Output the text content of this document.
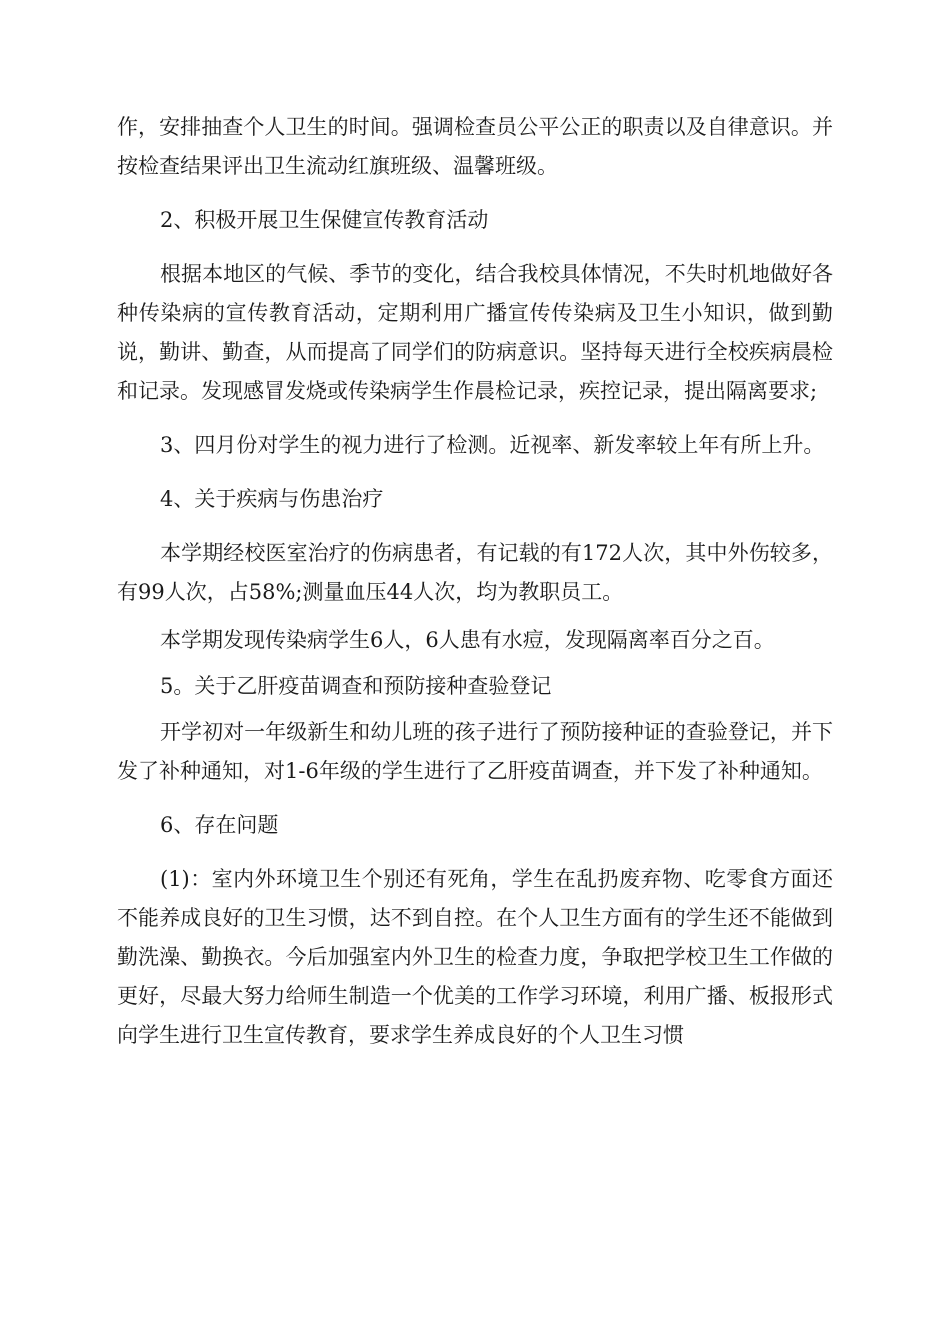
作，安排抽查个人卫生的时间。强调检查员公平公正的职责以及自律意识。并按检查结果评出卫生流动红旗班级、温馨班级。

2、积极开展卫生保健宣传教育活动

根据本地区的气候、季节的变化，结合我校具体情况，不失时机地做好各种传染病的宣传教育活动，定期利用广播宣传传染病及卫生小知识，做到勤说，勤讲、勤查，从而提高了同学们的防病意识。坚持每天进行全校疾病晨检和记录。发现感冒发烧或传染病学生作晨检记录，疾控记录，提出隔离要求;

3、四月份对学生的视力进行了检测。近视率、新发率较上年有所上升。

4、关于疾病与伤患治疗

本学期经校医室治疗的伤病患者，有记载的有172人次，其中外伤较多，有99人次，占58%;测量血压44人次，均为教职员工。

本学期发现传染病学生6人，6人患有水痘，发现隔离率百分之百。

5。关于乙肝疫苗调查和预防接种查验登记

开学初对一年级新生和幼儿班的孩子进行了预防接种证的查验登记，并下发了补种通知，对1-6年级的学生进行了乙肝疫苗调查，并下发了补种通知。

6、存在问题

(1)：室内外环境卫生个别还有死角，学生在乱扔废弃物、吃零食方面还不能养成良好的卫生习惯，达不到自控。在个人卫生方面有的学生还不能做到勤洗澡、勤换衣。今后加强室内外卫生的检查力度，争取把学校卫生工作做的更好，尽最大努力给师生制造一个优美的工作学习环境，利用广播、板报形式向学生进行卫生宣传教育，要求学生养成良好的个人卫生习惯
